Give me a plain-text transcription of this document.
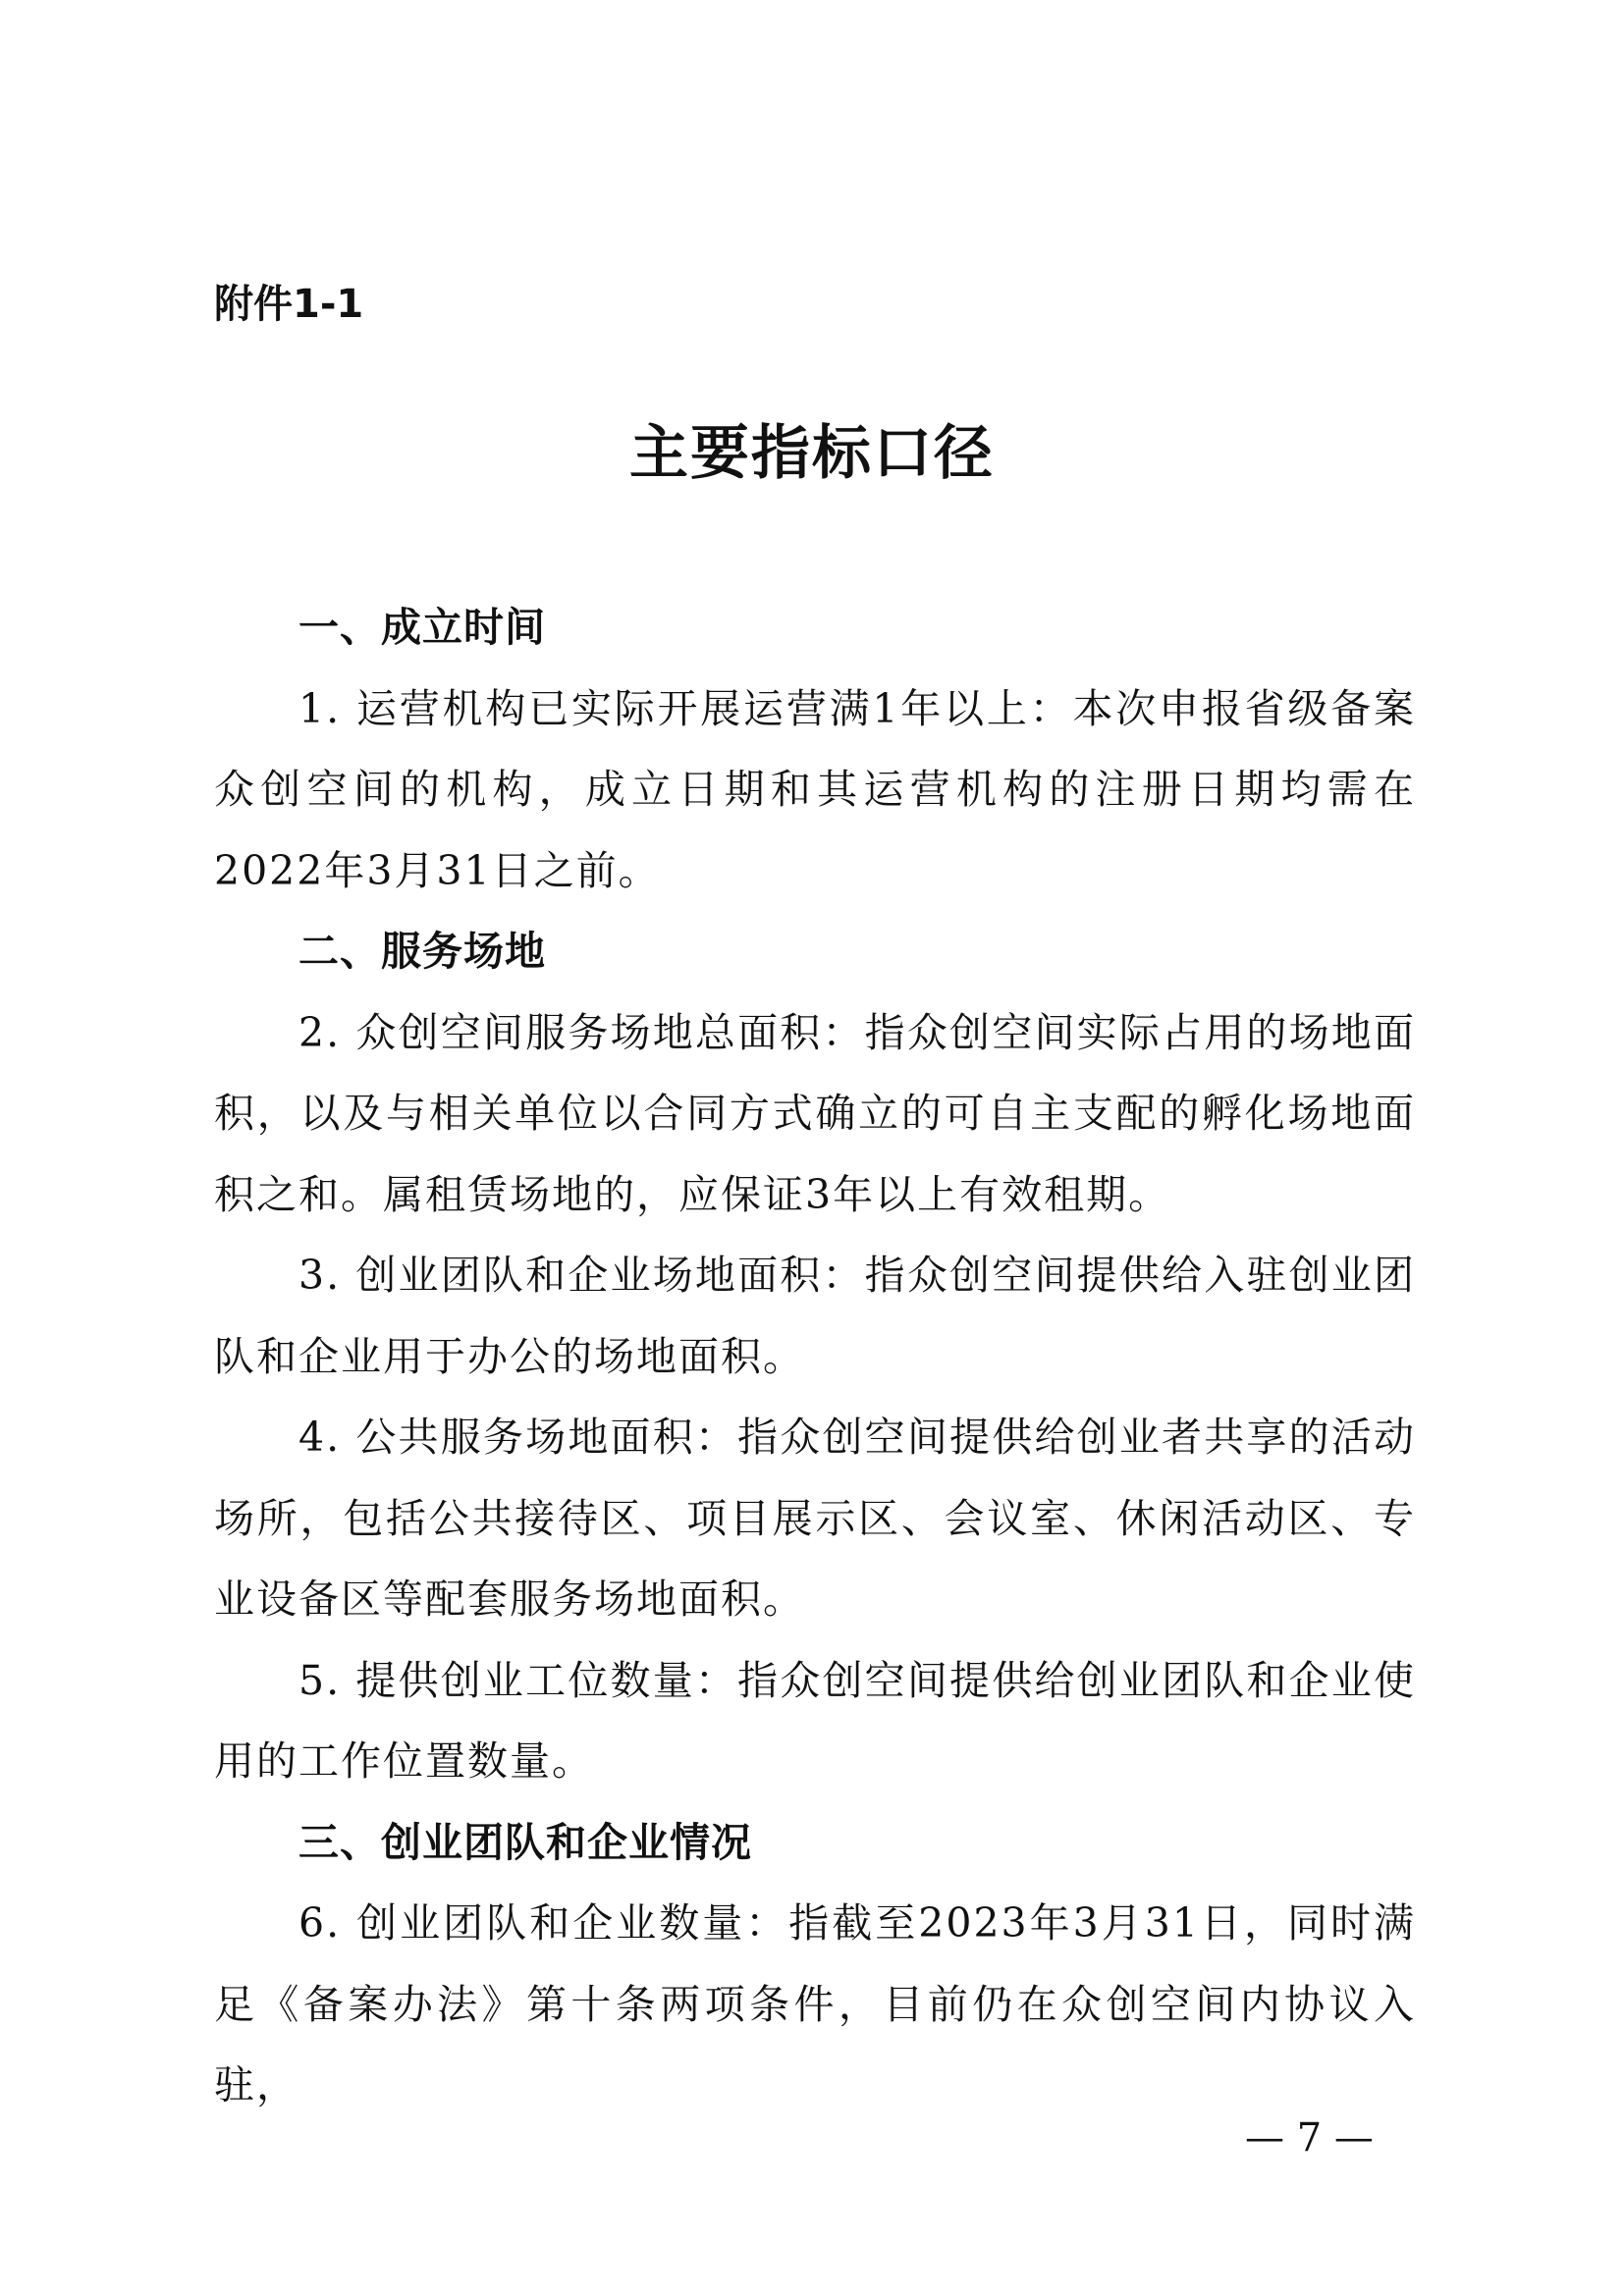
附件1-1
主要指标口径

一、成立时间

1. 运营机构已实际开展运营满1年以上：本次申报省级备案众创空间的机构，成立日期和其运营机构的注册日期均需在2022年3月31日之前。

二、服务场地

2. 众创空间服务场地总面积：指众创空间实际占用的场地面积，以及与相关单位以合同方式确立的可自主支配的孵化场地面积之和。属租赁场地的，应保证3年以上有效租期。

3. 创业团队和企业场地面积：指众创空间提供给入驻创业团队和企业用于办公的场地面积。

4. 公共服务场地面积：指众创空间提供给创业者共享的活动场所，包括公共接待区、项目展示区、会议室、休闲活动区、专业设备区等配套服务场地面积。

5. 提供创业工位数量：指众创空间提供给创业团队和企业使用的工作位置数量。

三、创业团队和企业情况

6. 创业团队和企业数量：指截至2023年3月31日，同时满足《备案办法》第十条两项条件，目前仍在众创空间内协议入驻，

— 7 —
